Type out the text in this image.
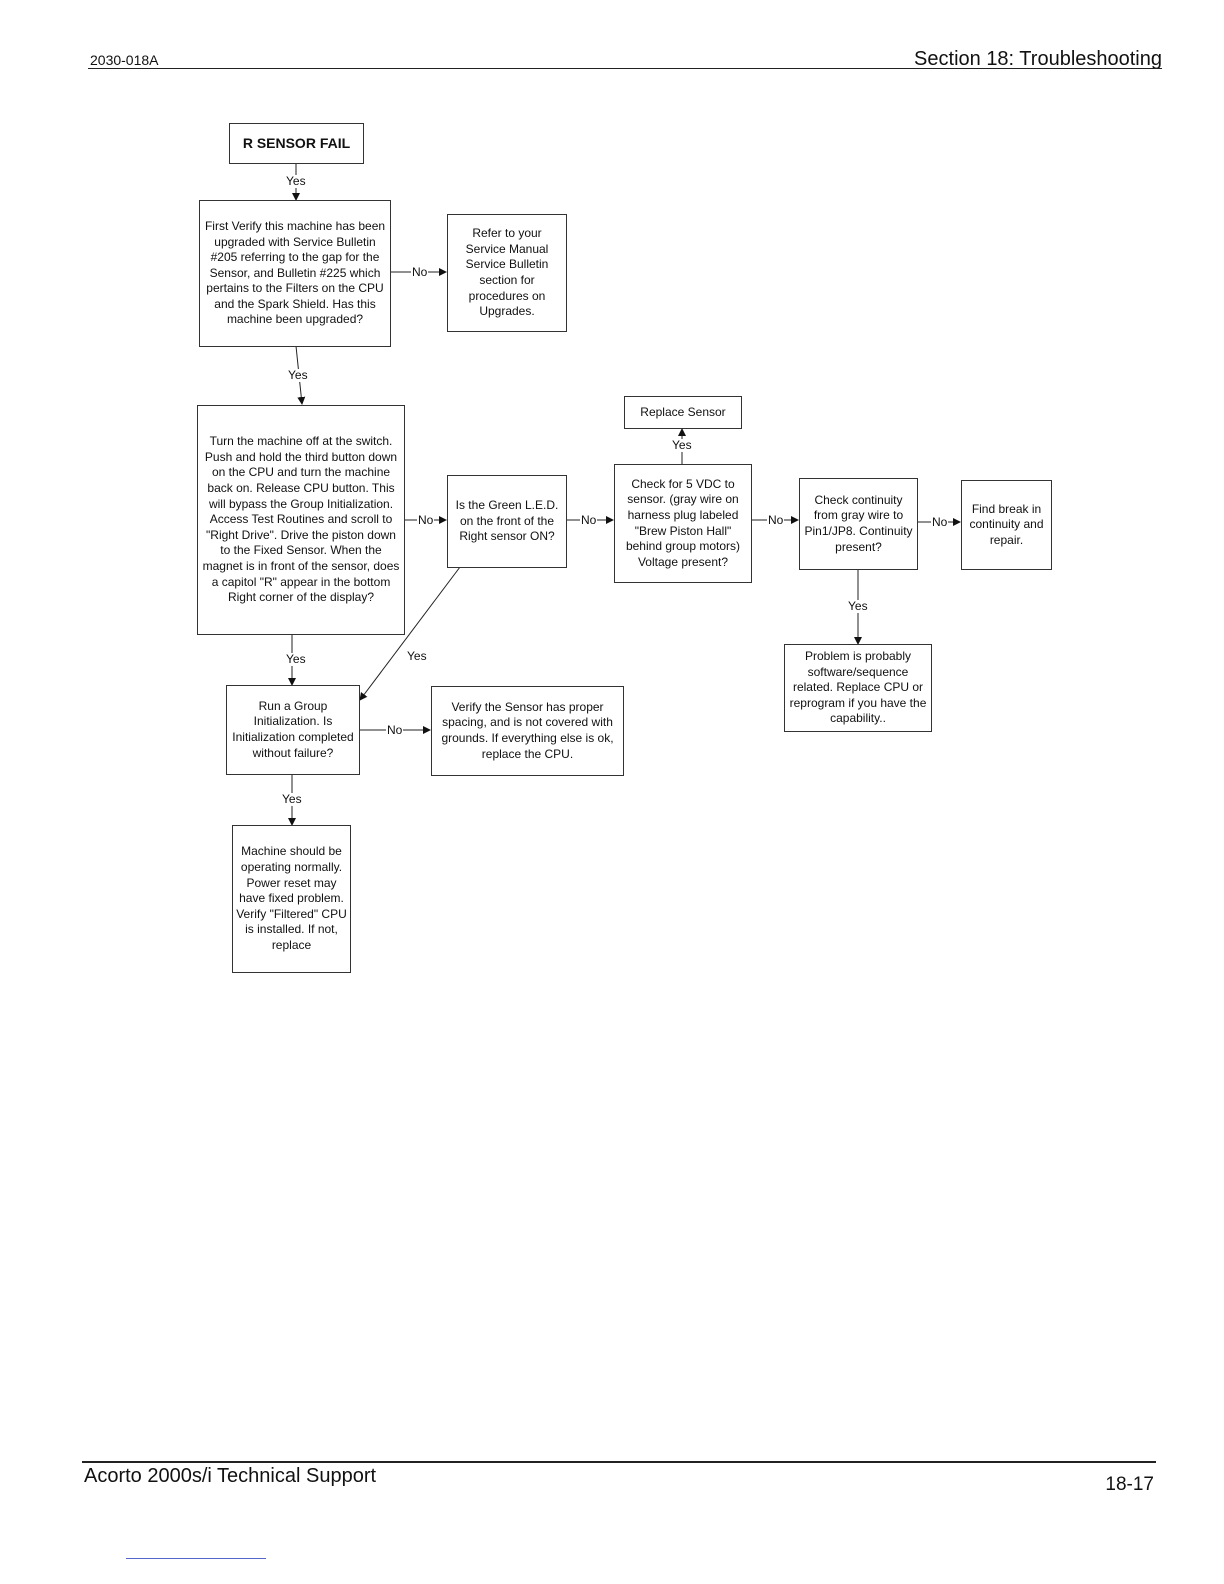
2030-018A	Section 18: Troubleshooting
Acorto 2000s/i Technical Support	18-17
R SENSOR FAIL
First Verify this machine has been upgraded with Service Bulletin #205 referring to the gap for the Sensor, and Bulletin #225 which pertains to the Filters on the CPU and the Spark Shield. Has this machine been upgraded?
Refer to your Service Manual Service Bulletin section for procedures on Upgrades.
Turn the machine off at the switch. Push and hold the third button down on the CPU and turn the machine back on. Release CPU button. This will bypass the Group Initialization. Access Test Routines and scroll to "Right Drive". Drive the piston down to the Fixed Sensor. When the magnet is in front of the sensor, does a capitol "R" appear in the bottom Right corner of the display?
Is the Green L.E.D. on the front of the Right sensor ON?
Replace Sensor
Check for 5 VDC to sensor. (gray wire on harness plug labeled "Brew Piston Hall" behind group motors) Voltage present?
Check continuity from gray wire to Pin1/JP8. Continuity present?
Find break in continuity and repair.
Problem is probably software/sequence related. Replace CPU or reprogram if you have the capability..
Run a Group Initialization. Is Initialization completed without failure?
Verify the Sensor has proper spacing, and is not covered with grounds. If everything else is ok, replace the CPU.
Machine should be operating normally. Power reset may have fixed problem. Verify "Filtered" CPU is installed. If not, replace
Yes
No
Yes
No	No
Yes
No	No
Yes
Yes	Yes
No
Yes
